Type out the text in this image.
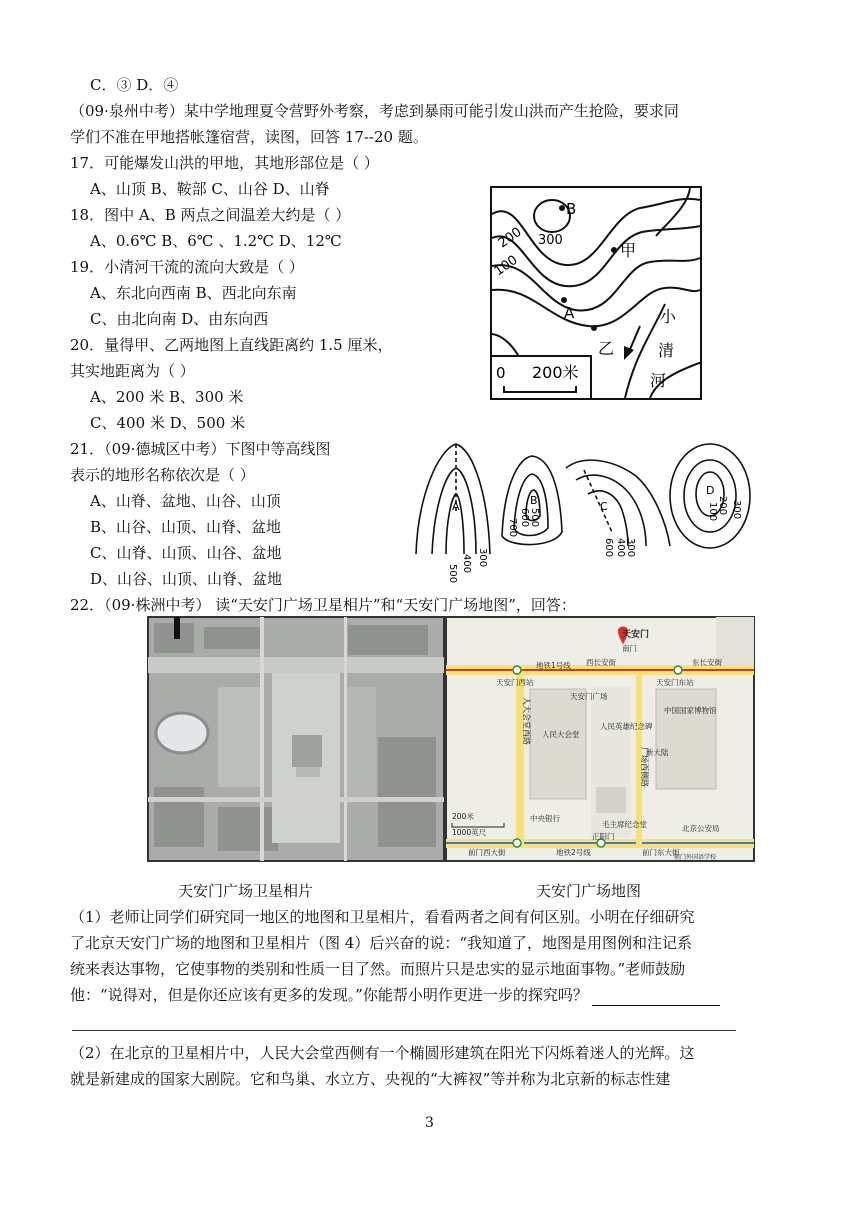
C．③ D．④
（09·泉州中考）某中学地理夏令营野外考察，考虑到暴雨可能引发山洪而产生抢险，要求同
学们不准在甲地搭帐篷宿营，读图，回答 17--20 题。
17．可能爆发山洪的甲地，其地形部位是（ ）
A、山顶 B、鞍部 C、山谷 D、山脊
18．图中 A、B 两点之间温差大约是（ ）
A、0.6℃ B、6℃ 、1.2℃ D、12℃
19．小清河干流的流向大致是（ ）
A、东北向西南 B、西北向东南
C、由北向南 D、由东向西
20．量得甲、乙两地图上直线距离约 1.5 厘米，
其实地距离为（ ）
A、200 米 B、300 米
C、400 米 D、500 米
21．（09·德城区中考）下图中等高线图
表示的地形名称依次是（ ）
A、山脊、盆地、山谷、山顶
B、山谷、山顶、山脊、盆地
C、山脊、山顶、山谷、盆地
D、山谷、山顶、山脊、盆地
22．（09·株洲中考） 读“天安门广场卫星相片”和“天安门广场地图”，回答：
B
A
甲
乙
小
清
河
300
200
100
0 200米
A	B	C
D
500
400 300
700
600 500
600 400 300
100 200 300
天安门
南门
地铁1号线 西长安街	东长安街
天安门西站	天安门东站
天安门广场
人民大会堂
人民英雄纪念碑
中国国家博物馆
毛主席纪念堂
新大陆
北京公安局
中央银行
正阳门
前门西大街	前门东大街
地铁2号线
前门外国语学校
200米
1000英尺
人大会堂西路
广场西侧路
天安门广场卫星相片	天安门广场地图
（1）老师让同学们研究同一地区的地图和卫星相片，看看两者之间有何区别。小明在仔细研究
了北京天安门广场的地图和卫星相片（图 4）后兴奋的说：“我知道了，地图是用图例和注记系
统来表达事物，它使事物的类别和性质一目了然。而照片只是忠实的显示地面事物。”老师鼓励
他：“说得对，但是你还应该有更多的发现。”你能帮小明作更进一步的探究吗？
（2）在北京的卫星相片中，人民大会堂西侧有一个椭圆形建筑在阳光下闪烁着迷人的光辉。这
就是新建成的国家大剧院。它和鸟巢、水立方、央视的“大裤衩”等并称为北京新的标志性建
3
